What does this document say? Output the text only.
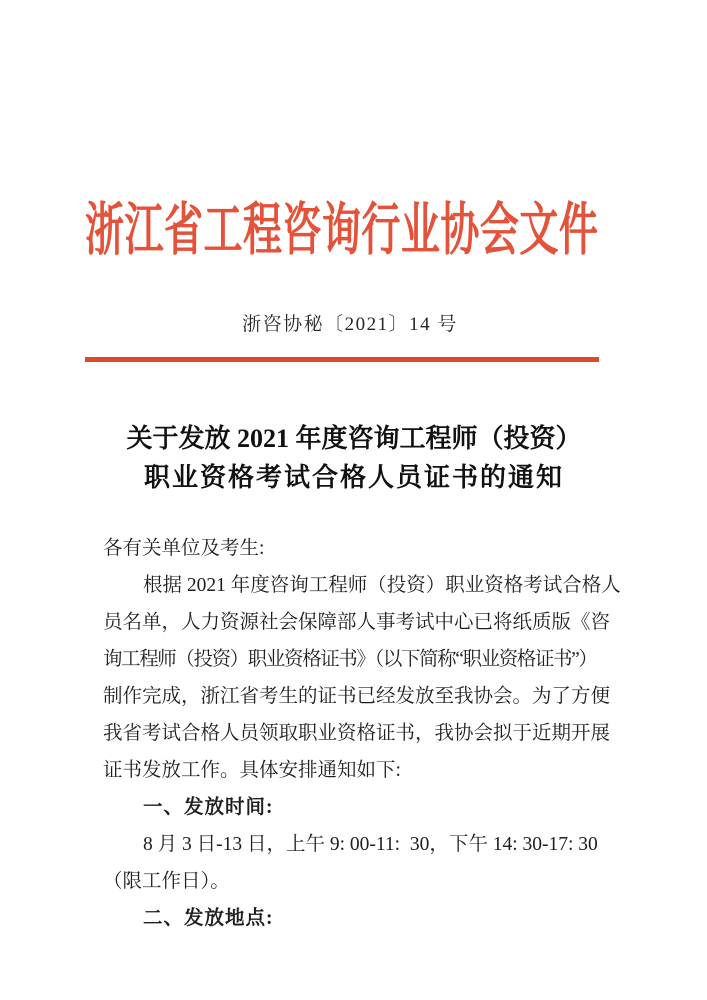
浙 江 省 工 程 咨 询 行 业 协 会 文 件
浙咨协秘〔2021〕14 号
关于发放 2021 年度咨询工程师（投资）
职业资格考试合格人员证书的通知
各有关单位及考生:
根据 2021 年度咨询工程师（投资）职业资格考试合格人
员名单，人力资源社会保障部人事考试中心已将纸质版《咨
询工程师（投资）职业资格证书》（以下简称“职业资格证书”）
制作完成，浙江省考生的证书已经发放至我协会。为了方便
我省考试合格人员领取职业资格证书，我协会拟于近期开展
证书发放工作。具体安排通知如下:
一、发放时间:
8 月 3 日-13 日，上午 9: 00-11:  30，下午 14: 30-17: 30
（限工作日）。
二、发放地点:
